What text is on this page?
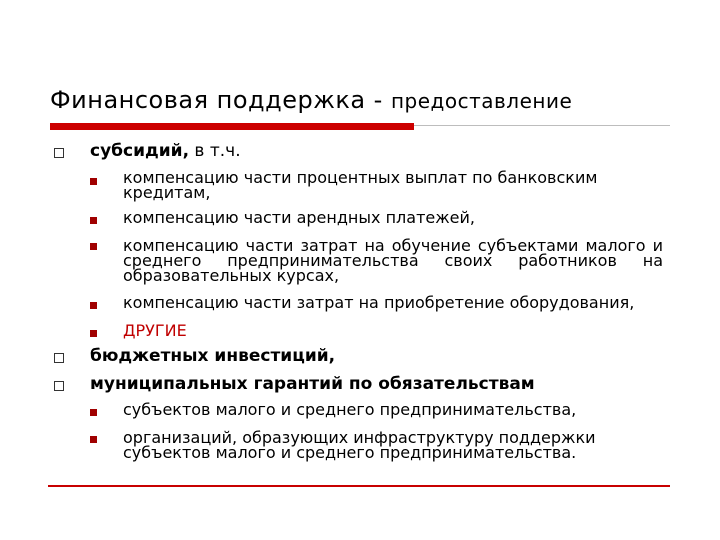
Финансовая поддержка - предоставление
субсидий, в т.ч.
компенсацию части процентных выплат по банковским кредитам,
компенсацию части арендных платежей,
компенсацию части затрат на обучение субъектами малого и среднего предпринимательства своих работников на образовательных курсах,
компенсацию части затрат на приобретение оборудования,
ДРУГИЕ
бюджетных инвестиций,
муниципальных гарантий по обязательствам
субъектов малого и среднего предпринимательства,
организаций, образующих инфраструктуру поддержки субъектов малого и среднего предпринимательства.
